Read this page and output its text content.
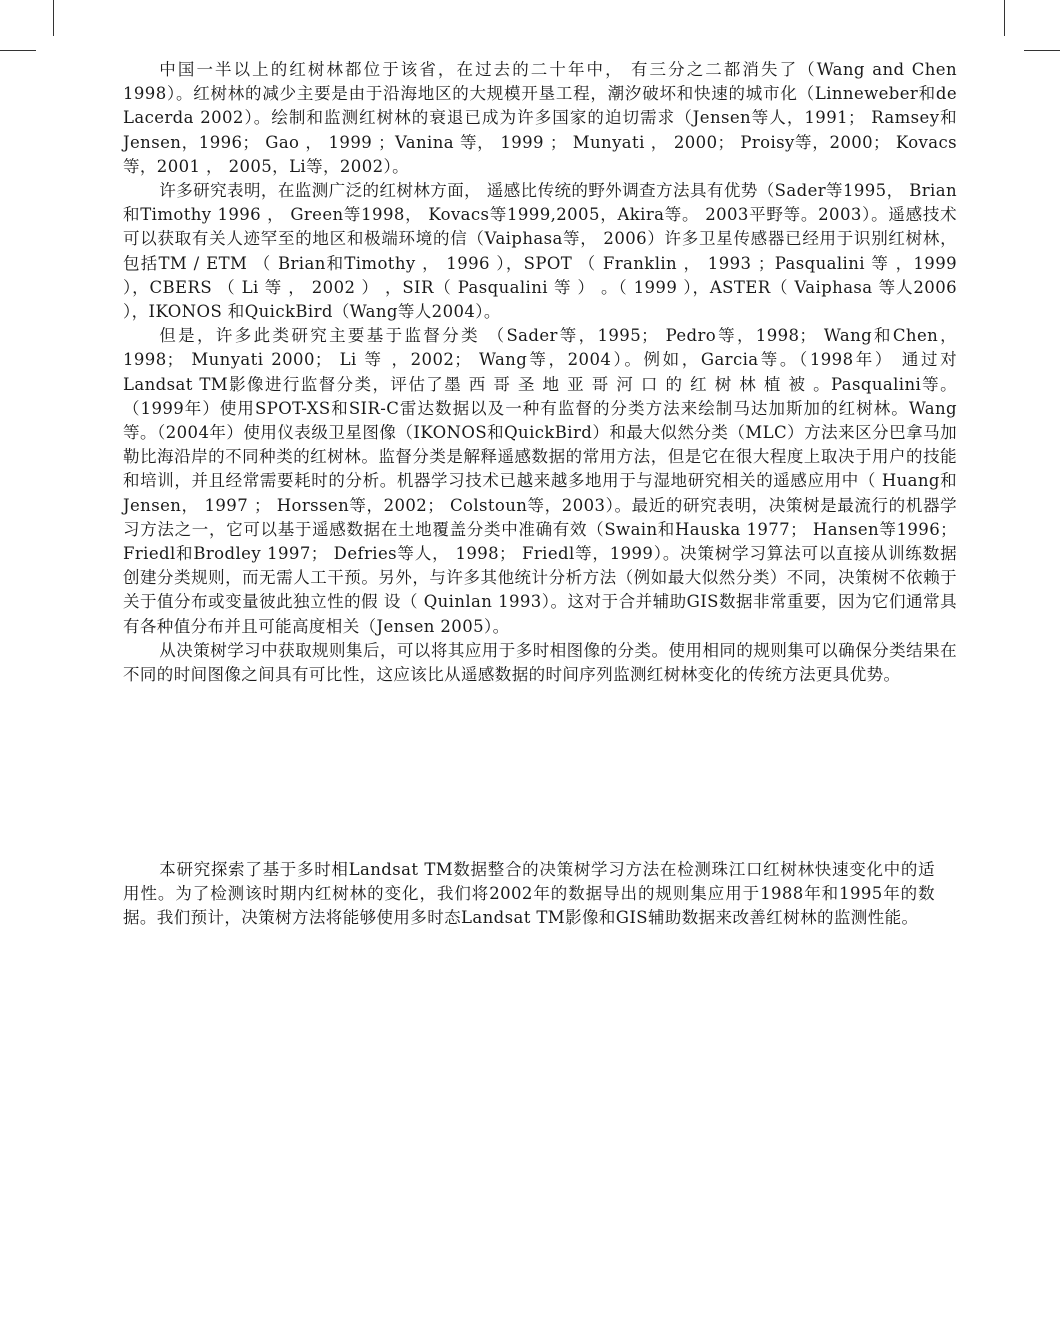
中国一半以上的红树林都位于该省，在过去的二十年中， 有三分之二都消失了（Wang and Chen 1998）。红树林的减少主要是由于沿海地区的大规模开垦工程，潮汐破坏和快速的城市化（Linneweber和de Lacerda 2002）。绘制和监测红树林的衰退已成为许多国家的迫切需求（Jensen等人，1991； Ramsey和Jensen，1996； Gao ， 1999 ；Vanina 等， 1999 ； Munyati ， 2000； Proisy等，2000； Kovacs等，2001 ， 2005，Li等，2002）。

许多研究表明，在监测广泛的红树林方面， 遥感比传统的野外调查方法具有优势（Sader等1995， Brian和Timothy 1996 ， Green等1998， Kovacs等1999,2005，Akira等。 2003平野等。2003）。遥感技术可以获取有关人迹罕至的地区和极端环境的信（Vaiphasa等， 2006）许多卫星传感器已经用于识别红树林， 包括TM / ETM （ Brian和Timothy ， 1996 ），SPOT （ Franklin ， 1993 ；Pasqualini 等 ，1999 ），CBERS （ Li 等 ， 2002 ） ，SIR（ Pasqualini 等 ） 。（ 1999 ），ASTER（ Vaiphasa 等人2006 ），IKONOS 和QuickBird（Wang等人2004）。

但是，许多此类研究主要基于监督分类 （Sader等，1995； Pedro等，1998； Wang和Chen，1998； Munyati 2000； Li 等 ，2002； Wang等，2004）。例如，Garcia等。（1998年） 通过对Landsat TM影像进行监督分类，评估了墨 西 哥 圣 地 亚 哥 河 口 的 红 树 林 植 被 。Pasqualini等。（1999年）使用SPOT-XS和SIR-C雷达数据以及一种有监督的分类方法来绘制马达加斯加的红树林。Wang等。（2004年）使用仪表级卫星图像（IKONOS和QuickBird）和最大似然分类（MLC）方法来区分巴拿马加勒比海沿岸的不同种类的红树林。监督分类是解释遥感数据的常用方法，但是它在很大程度上取决于用户的技能和培训，并且经常需要耗时的分析。机器学习技术已越来越多地用于与湿地研究相关的遥感应用中（ Huang和Jensen， 1997 ； Horssen等，2002； Colstoun等，2003）。最近的研究表明，决策树是最流行的机器学习方法之一，它可以基于遥感数据在土地覆盖分类中准确有效（Swain和Hauska 1977； Hansen等1996； Friedl和Brodley 1997； Defries等人， 1998； Friedl等，1999）。决策树学习算法可以直接从训练数据创建分类规则，而无需人工干预。另外，与许多其他统计分析方法（例如最大似然分类）不同，决策树不依赖于关于值分布或变量彼此独立性的假 设（ Quinlan 1993）。这对于合并辅助GIS数据非常重要，因为它们通常具有各种值分布并且可能高度相关（Jensen 2005）。

从决策树学习中获取规则集后，可以将其应用于多时相图像的分类。使用相同的规则集可以确保分类结果在不同的时间图像之间具有可比性，这应该比从遥感数据的时间序列监测红树林变化的传统方法更具优势。

本研究探索了基于多时相Landsat TM数据整合的决策树学习方法在检测珠江口红树林快速变化中的适用性。为了检测该时期内红树林的变化，我们将2002年的数据导出的规则集应用于1988年和1995年的数据。我们预计，决策树方法将能够使用多时态Landsat TM影像和GIS辅助数据来改善红树林的监测性能。
